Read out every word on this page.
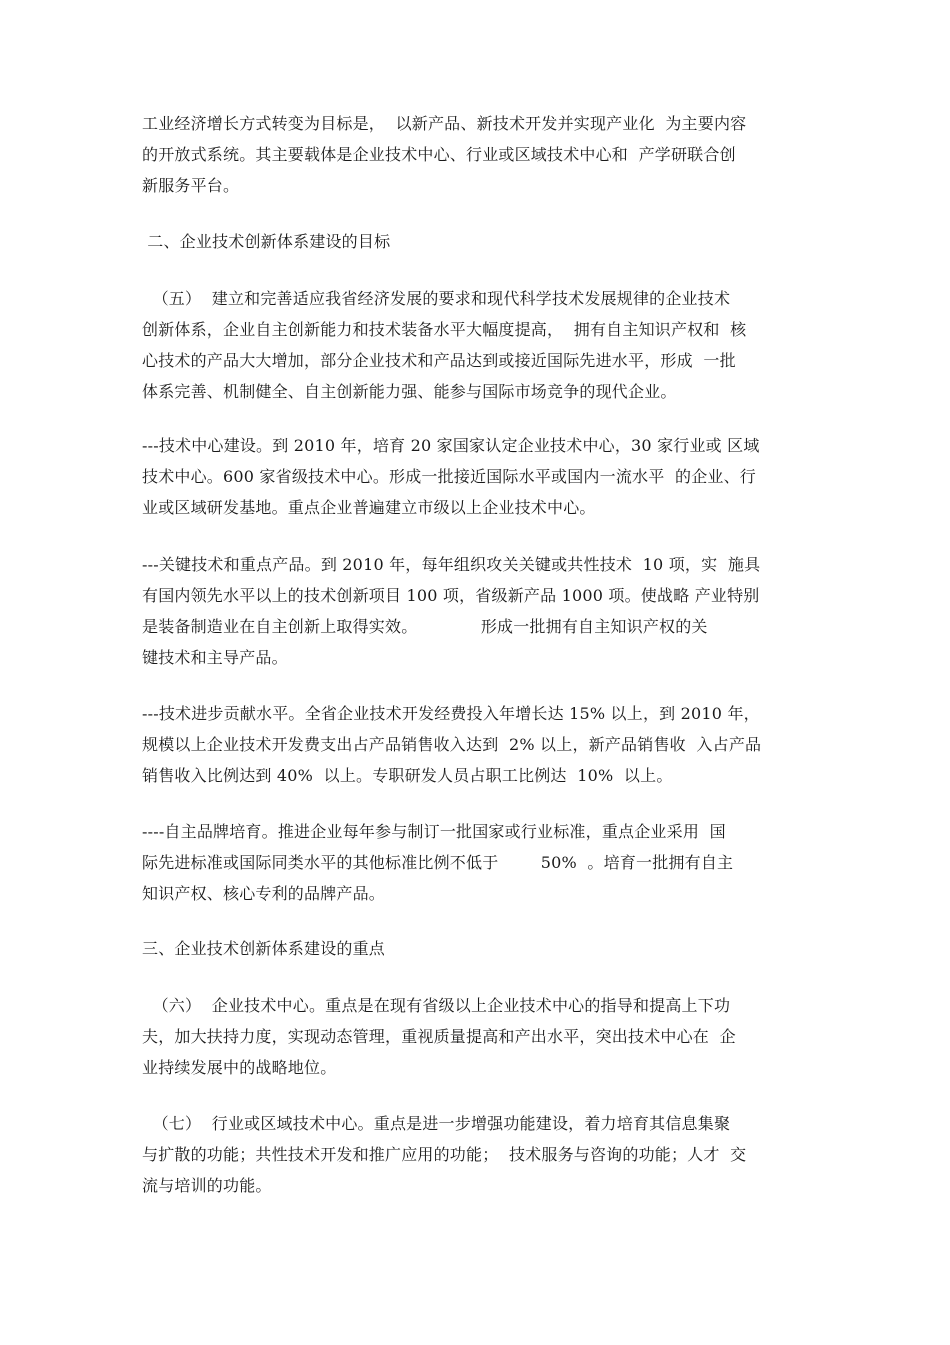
工业经济增长方式转变为目标是，  以新产品、新技术开发并实现产业化  为主要内容
的开放式系统。其主要载体是企业技术中心、行业或区域技术中心和  产学研联合创
新服务平台。
二、企业技术创新体系建设的目标
（五）  建立和完善适应我省经济发展的要求和现代科学技术发展规律的企业技术
创新体系，企业自主创新能力和技术装备水平大幅度提高，  拥有自主知识产权和  核
心技术的产品大大增加，部分企业技术和产品达到或接近国际先进水平，形成  一批
体系完善、机制健全、自主创新能力强、能参与国际市场竞争的现代企业。
---技术中心建设。到 2010 年，培育 20 家国家认定企业技术中心，30 家行业或 区域
技术中心。600 家省级技术中心。形成一批接近国际水平或国内一流水平  的企业、行
业或区域研发基地。重点企业普遍建立市级以上企业技术中心。
---关键技术和重点产品。到 2010 年，每年组织攻关关键或共性技术  10 项，实  施具
有国内领先水平以上的技术创新项目 100 项，省级新产品 1000 项。使战略 产业特别
是装备制造业在自主创新上取得实效。            形成一批拥有自主知识产权的关
键技术和主导产品。
---技术进步贡献水平。全省企业技术开发经费投入年增长达 15% 以上，到 2010 年，
规模以上企业技术开发费支出占产品销售收入达到  2% 以上，新产品销售收  入占产品
销售收入比例达到 40%  以上。专职研发人员占职工比例达  10%  以上。
----自主品牌培育。推进企业每年参与制订一批国家或行业标准，重点企业采用  国
际先进标准或国际同类水平的其他标准比例不低于        50%  。培育一批拥有自主
知识产权、核心专利的品牌产品。
三、企业技术创新体系建设的重点
（六）  企业技术中心。重点是在现有省级以上企业技术中心的指导和提高上下功
夫，加大扶持力度，实现动态管理，重视质量提高和产出水平，突出技术中心在  企
业持续发展中的战略地位。
（七）  行业或区域技术中心。重点是进一步增强功能建设，着力培育其信息集聚
与扩散的功能；共性技术开发和推广应用的功能；  技术服务与咨询的功能；人才  交
流与培训的功能。
